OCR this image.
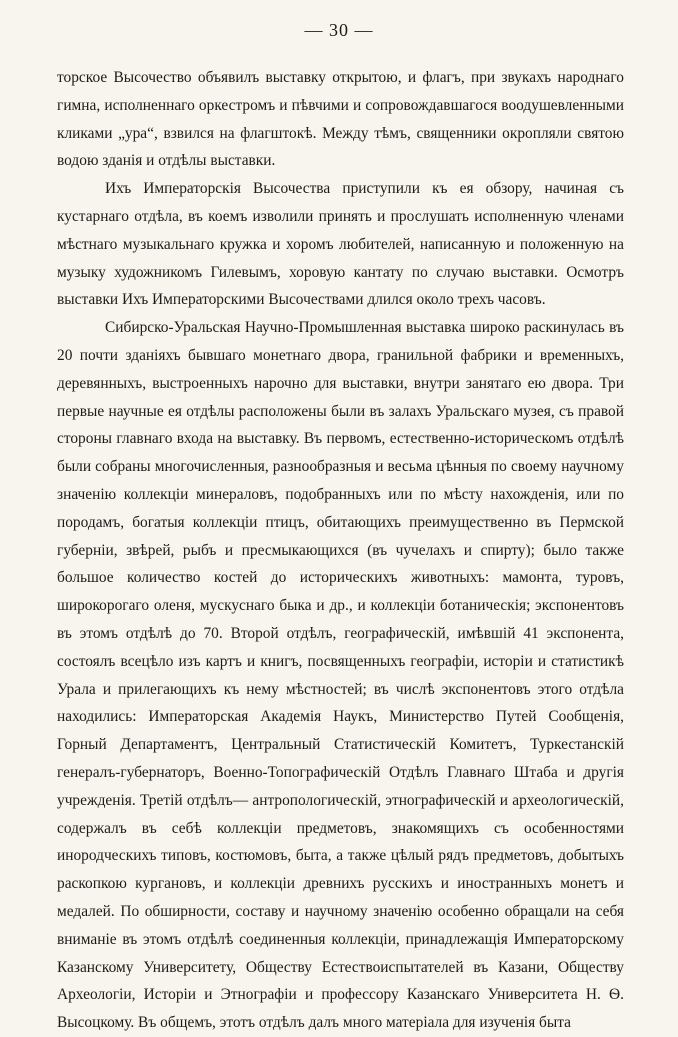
— 30 —

торское Высочество объявилъ выставку открытою, и флагъ, при звукахъ народнаго гимна, исполненнаго оркестромъ и пѣвчими и сопровождавшагося воодушевленными кликами „ура“, взвился на флагштокѣ. Между тѣмъ, священники окропляли святою водою зданія и отдѣлы выставки.

Ихъ Императорскія Высочества приступили къ ея обзору, начиная съ кустарнаго отдѣла, въ коемъ изволили принять и прослушать исполненную членами мѣстнаго музыкальнаго кружка и хоромъ любителей, написанную и положенную на музыку художникомъ Гилевымъ, хоровую кантату по случаю выставки. Осмотръ выставки Ихъ Императорскими Высочествами длился около трехъ часовъ.

Сибирско-Уральская Научно-Промышленная выставка широко раскинулась въ 20 почти зданіяхъ бывшаго монетнаго двора, гранильной фабрики и временныхъ, деревянныхъ, выстроенныхъ нарочно для выставки, внутри занятаго ею двора. Три первые научные ея отдѣлы расположены были въ залахъ Уральскаго музея, съ правой стороны главнаго входа на выставку. Въ первомъ, естественно-историческомъ отдѣлѣ были собраны многочисленныя, разнообразныя и весьма цѣнныя по своему научному значенію коллекціи минераловъ, подобранныхъ или по мѣсту нахожденія, или по породамъ, богатыя коллекціи птицъ, обитающихъ преимущественно въ Пермской губерніи, звѣрей, рыбъ и пресмыкающихся (въ чучелахъ и спирту); было также большое количество костей до историческихъ животныхъ: мамонта, туровъ, широкорогаго оленя, мускуснаго быка и др., и коллекціи ботаническія; экспонентовъ въ этомъ отдѣлѣ до 70. Второй отдѣлъ, географическій, имѣвшій 41 экспонента, состоялъ всецѣло изъ картъ и книгъ, посвященныхъ географіи, исторіи и статистикѣ Урала и прилегающихъ къ нему мѣстностей; въ числѣ экспонентовъ этого отдѣла находились: Императорская Академія Наукъ, Министерство Путей Сообщенія, Горный Департаментъ, Центральный Статистическій Комитетъ, Туркестанскій генералъ-губернаторъ, Военно-Топографическій Отдѣлъ Главнаго Штаба и другія учрежденія. Третій отдѣлъ— антропологическій, этнографическій и археологическій, содержалъ въ себѣ коллекціи предметовъ, знакомящихъ съ особенностями инородческихъ типовъ, костюмовъ, быта, а также цѣлый рядъ предметовъ, добытыхъ раскопкою кургановъ, и коллекціи древнихъ русскихъ и иностранныхъ монетъ и медалей. По обширности, составу и научному значенію особенно обращали на себя вниманіе въ этомъ отдѣлѣ соединенныя коллекціи, принадлежащія Императорскому Казанскому Университету, Обществу Естествоиспытателей въ Казани, Обществу Археологіи, Исторіи и Этнографіи и профессору Казанскаго Университета Н. Ѳ. Высоцкому. Въ общемъ, этотъ отдѣлъ далъ много матеріала для изученія быта
